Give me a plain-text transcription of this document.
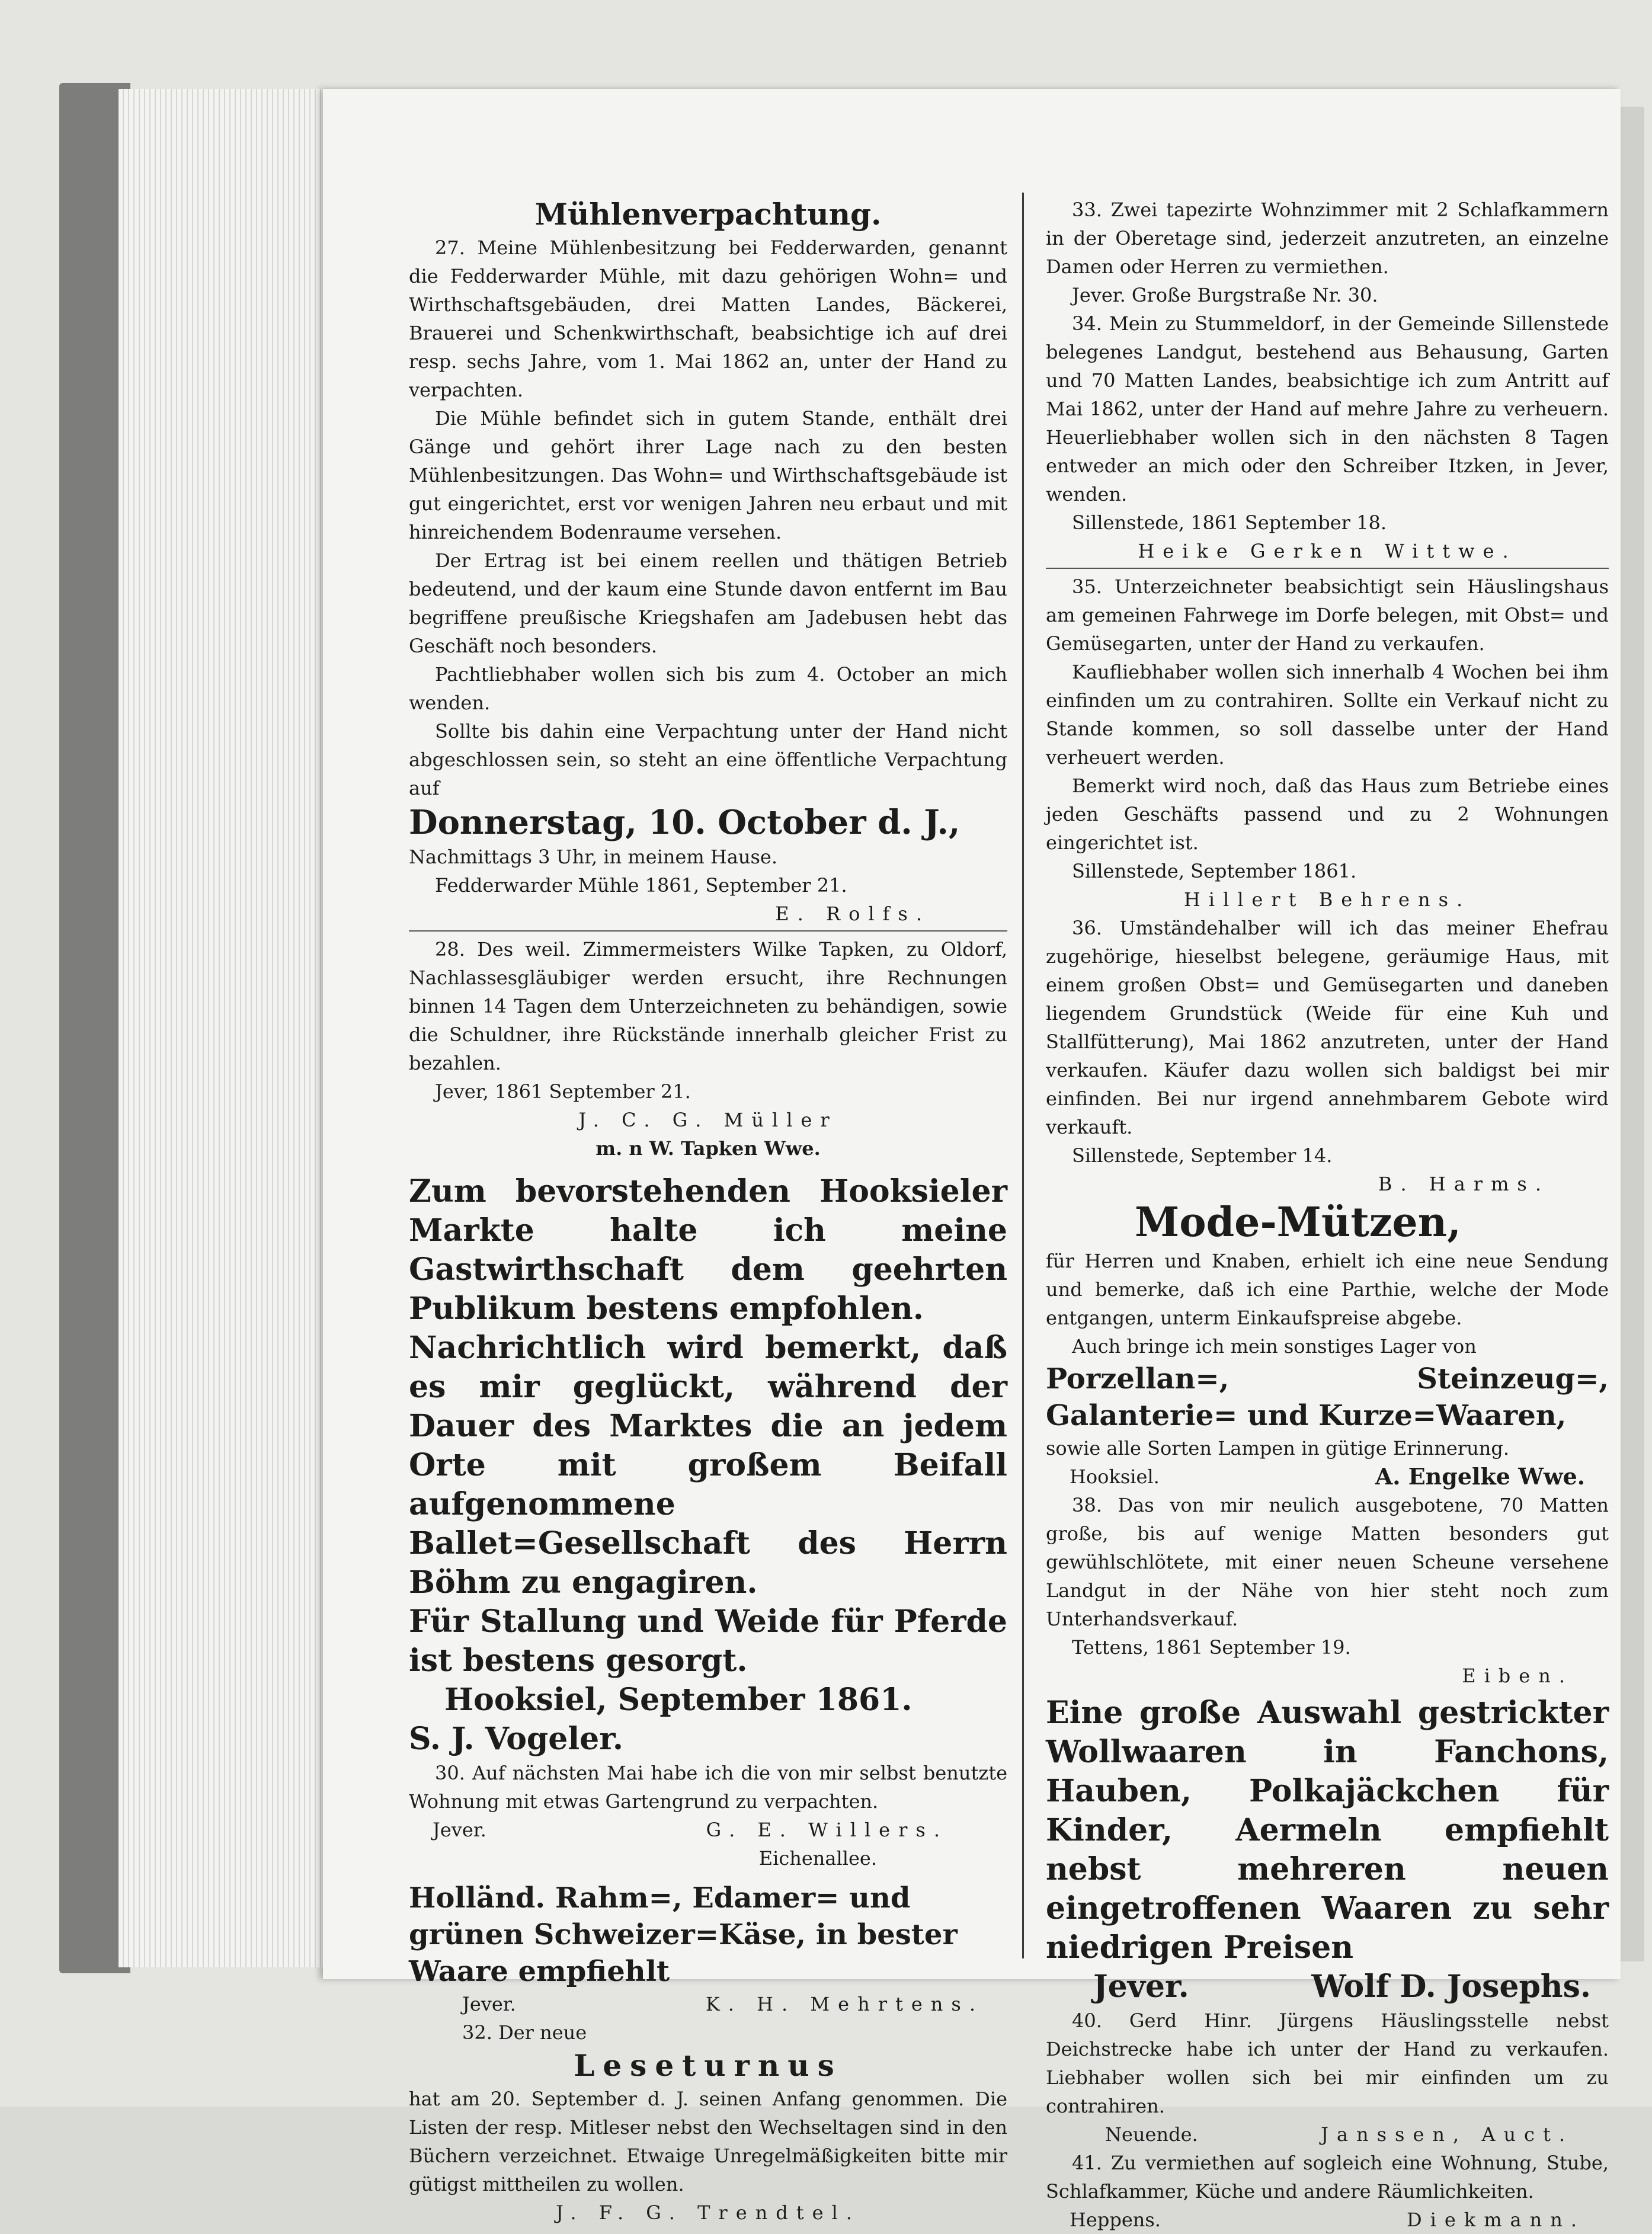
Mühlenverpachtung.
27. Meine Mühlenbesitzung bei Fedderwarden, genannt die Fedderwarder Mühle, mit dazu gehörigen Wohn= und Wirthschaftsgebäuden, drei Matten Landes, Bäckerei, Brauerei und Schenkwirthschaft, beabsichtige ich auf drei resp. sechs Jahre, vom 1. Mai 1862 an, unter der Hand zu verpachten.
Die Mühle befindet sich in gutem Stande, enthält drei Gänge und gehört ihrer Lage nach zu den besten Mühlenbesitzungen. Das Wohn= und Wirthschaftsgebäude ist gut eingerichtet, erst vor wenigen Jahren neu erbaut und mit hinreichendem Bodenraume versehen.
Der Ertrag ist bei einem reellen und thätigen Betrieb bedeutend, und der kaum eine Stunde davon entfernt im Bau begriffene preußische Kriegshafen am Jadebusen hebt das Geschäft noch besonders.
Pachtliebhaber wollen sich bis zum 4. October an mich wenden.
Sollte bis dahin eine Verpachtung unter der Hand nicht abgeschlossen sein, so steht an eine öffentliche Verpachtung auf
Donnerstag, 10. October d. J.,
Nachmittags 3 Uhr, in meinem Hause.
Fedderwarder Mühle 1861, September 21.
E. Rolfs.
28. Des weil. Zimmermeisters Wilke Tapken, zu Oldorf, Nachlassesgläubiger werden ersucht, ihre Rechnungen binnen 14 Tagen dem Unterzeichneten zu behändigen, sowie die Schuldner, ihre Rückstände innerhalb gleicher Frist zu bezahlen.
Jever, 1861 September 21.
J. C. G. Müller
m. n W. Tapken Wwe.
Zum bevorstehenden Hooksieler Markte halte ich meine Gastwirthschaft dem geehrten Publikum bestens empfohlen.
Nachrichtlich wird bemerkt, daß es mir geglückt, während der Dauer des Marktes die an jedem Orte mit großem Beifall aufgenommene Ballet=Gesellschaft des Herrn Böhm zu engagiren.
Für Stallung und Weide für Pferde ist bestens gesorgt.
Hooksiel, September 1861.
S. J. Vogeler.
30. Auf nächsten Mai habe ich die von mir selbst benutzte Wohnung mit etwas Gartengrund zu verpachten.
Jever.	G. E. Willers.
Eichenallee.
Holländ. Rahm=, Edamer= und grünen Schweizer=Käse, in bester Waare empfiehlt
Jever.	K. H. Mehrtens.
32. Der neue
Leseturnus
hat am 20. September d. J. seinen Anfang genommen. Die Listen der resp. Mitleser nebst den Wechseltagen sind in den Büchern verzeichnet. Etwaige Unregelmäßigkeiten bitte mir gütigst mittheilen zu wollen.
J. F. G. Trendtel.
33. Zwei tapezirte Wohnzimmer mit 2 Schlafkammern in der Oberetage sind, jederzeit anzutreten, an einzelne Damen oder Herren zu vermiethen.
Jever. Große Burgstraße Nr. 30.
34. Mein zu Stummeldorf, in der Gemeinde Sillenstede belegenes Landgut, bestehend aus Behausung, Garten und 70 Matten Landes, beabsichtige ich zum Antritt auf Mai 1862, unter der Hand auf mehre Jahre zu verheuern. Heuerliebhaber wollen sich in den nächsten 8 Tagen entweder an mich oder den Schreiber Itzken, in Jever, wenden.
Sillenstede, 1861 September 18.
Heike Gerken Wittwe.
35. Unterzeichneter beabsichtigt sein Häuslingshaus am gemeinen Fahrwege im Dorfe belegen, mit Obst= und Gemüsegarten, unter der Hand zu verkaufen.
Kaufliebhaber wollen sich innerhalb 4 Wochen bei ihm einfinden um zu contrahiren. Sollte ein Verkauf nicht zu Stande kommen, so soll dasselbe unter der Hand verheuert werden.
Bemerkt wird noch, daß das Haus zum Betriebe eines jeden Geschäfts passend und zu 2 Wohnungen eingerichtet ist.
Sillenstede, September 1861.
Hillert Behrens.
36. Umständehalber will ich das meiner Ehefrau zugehörige, hieselbst belegene, geräumige Haus, mit einem großen Obst= und Gemüsegarten und daneben liegendem Grundstück (Weide für eine Kuh und Stallfütterung), Mai 1862 anzutreten, unter der Hand verkaufen. Käufer dazu wollen sich baldigst bei mir einfinden. Bei nur irgend annehmbarem Gebote wird verkauft.
Sillenstede, September 14.
B. Harms.
Mode-Mützen,
für Herren und Knaben, erhielt ich eine neue Sendung und bemerke, daß ich eine Parthie, welche der Mode entgangen, unterm Einkaufspreise abgebe.
Auch bringe ich mein sonstiges Lager von
Porzellan=, Steinzeug=, Galanterie= und Kurze=Waaren,
sowie alle Sorten Lampen in gütige Erinnerung.
Hooksiel.	A. Engelke Wwe.
38. Das von mir neulich ausgebotene, 70 Matten große, bis auf wenige Matten besonders gut gewühlschlötete, mit einer neuen Scheune versehene Landgut in der Nähe von hier steht noch zum Unterhandsverkauf.
Tettens, 1861 September 19.
Eiben.
Eine große Auswahl gestrickter Wollwaaren in Fanchons, Hauben, Polkajäckchen für Kinder, Aermeln empfiehlt nebst mehreren neuen eingetroffenen Waaren zu sehr niedrigen Preisen
Jever.	Wolf D. Josephs.
40. Gerd Hinr. Jürgens Häuslingsstelle nebst Deichstrecke habe ich unter der Hand zu verkaufen. Liebhaber wollen sich bei mir einfinden um zu contrahiren.
Neuende.	Janssen, Auct.
41. Zu vermiethen auf sogleich eine Wohnung, Stube, Schlafkammer, Küche und andere Räumlichkeiten.
Heppens.	Diekmann.
